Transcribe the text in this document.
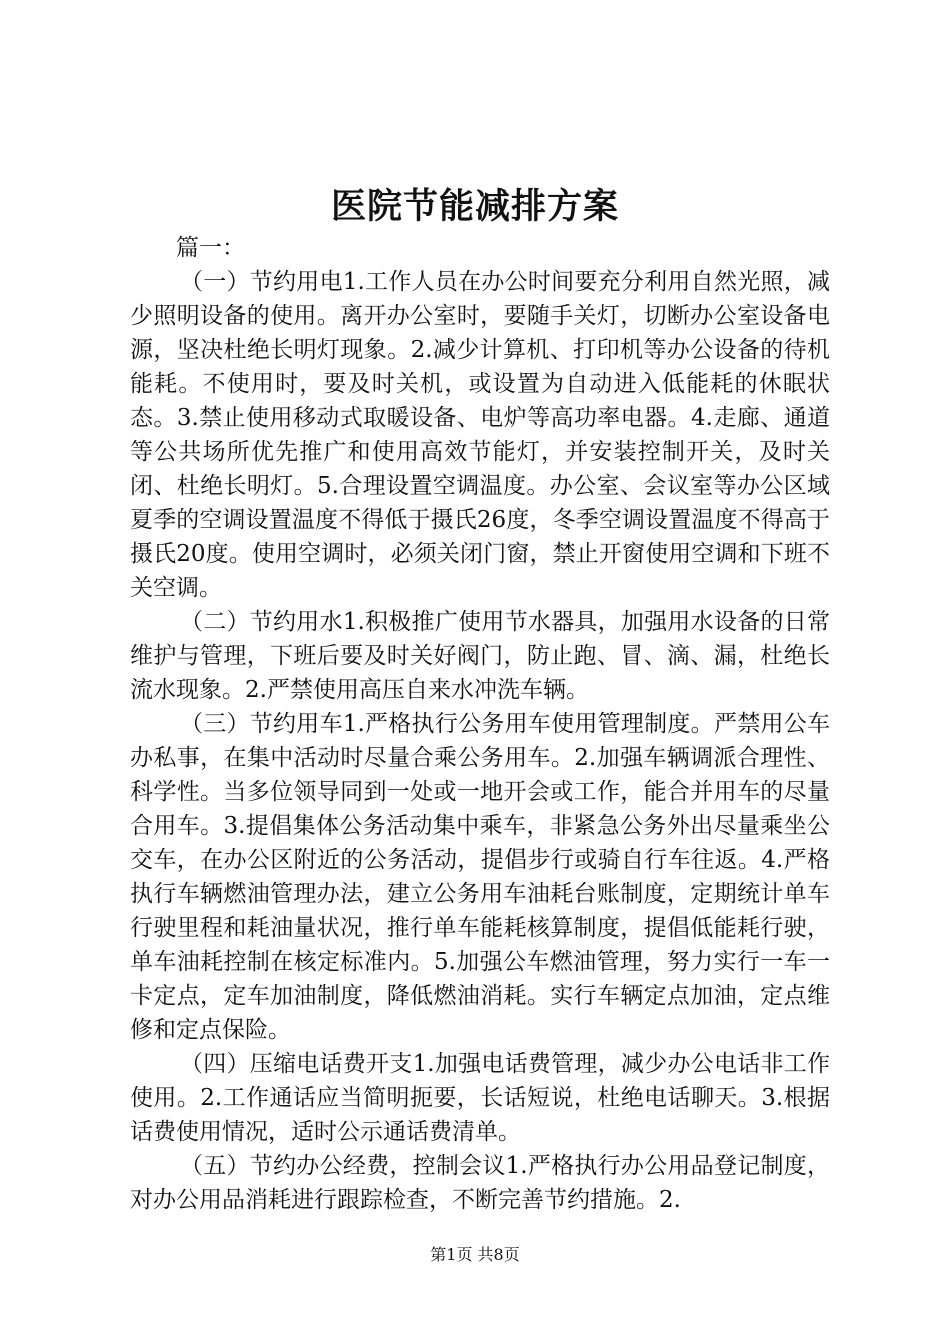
医院节能减排方案

篇一：

（一）节约用电1.工作人员在办公时间要充分利用自然光照，减少照明设备的使用。离开办公室时，要随手关灯，切断办公室设备电源，坚决杜绝长明灯现象。2.减少计算机、打印机等办公设备的待机能耗。不使用时，要及时关机，或设置为自动进入低能耗的休眠状态。3.禁止使用移动式取暖设备、电炉等高功率电器。4.走廊、通道等公共场所优先推广和使用高效节能灯，并安装控制开关，及时关闭、杜绝长明灯。5.合理设置空调温度。办公室、会议室等办公区域夏季的空调设置温度不得低于摄氏26度，冬季空调设置温度不得高于摄氏20度。使用空调时，必须关闭门窗，禁止开窗使用空调和下班不关空调。

（二）节约用水1.积极推广使用节水器具，加强用水设备的日常维护与管理，下班后要及时关好阀门，防止跑、冒、滴、漏，杜绝长流水现象。2.严禁使用高压自来水冲洗车辆。

（三）节约用车1.严格执行公务用车使用管理制度。严禁用公车办私事，在集中活动时尽量合乘公务用车。2.加强车辆调派合理性、科学性。当多位领导同到一处或一地开会或工作，能合并用车的尽量合用车。3.提倡集体公务活动集中乘车，非紧急公务外出尽量乘坐公交车，在办公区附近的公务活动，提倡步行或骑自行车往返。4.严格执行车辆燃油管理办法，建立公务用车油耗台账制度，定期统计单车行驶里程和耗油量状况，推行单车能耗核算制度，提倡低能耗行驶，单车油耗控制在核定标准内。5.加强公车燃油管理，努力实行一车一卡定点，定车加油制度，降低燃油消耗。实行车辆定点加油，定点维修和定点保险。

（四）压缩电话费开支1.加强电话费管理，减少办公电话非工作使用。2.工作通话应当简明扼要，长话短说，杜绝电话聊天。3.根据话费使用情况，适时公示通话费清单。

（五）节约办公经费，控制会议1.严格执行办公用品登记制度，对办公用品消耗进行跟踪检查，不断完善节约措施。2.

第1页 共8页
